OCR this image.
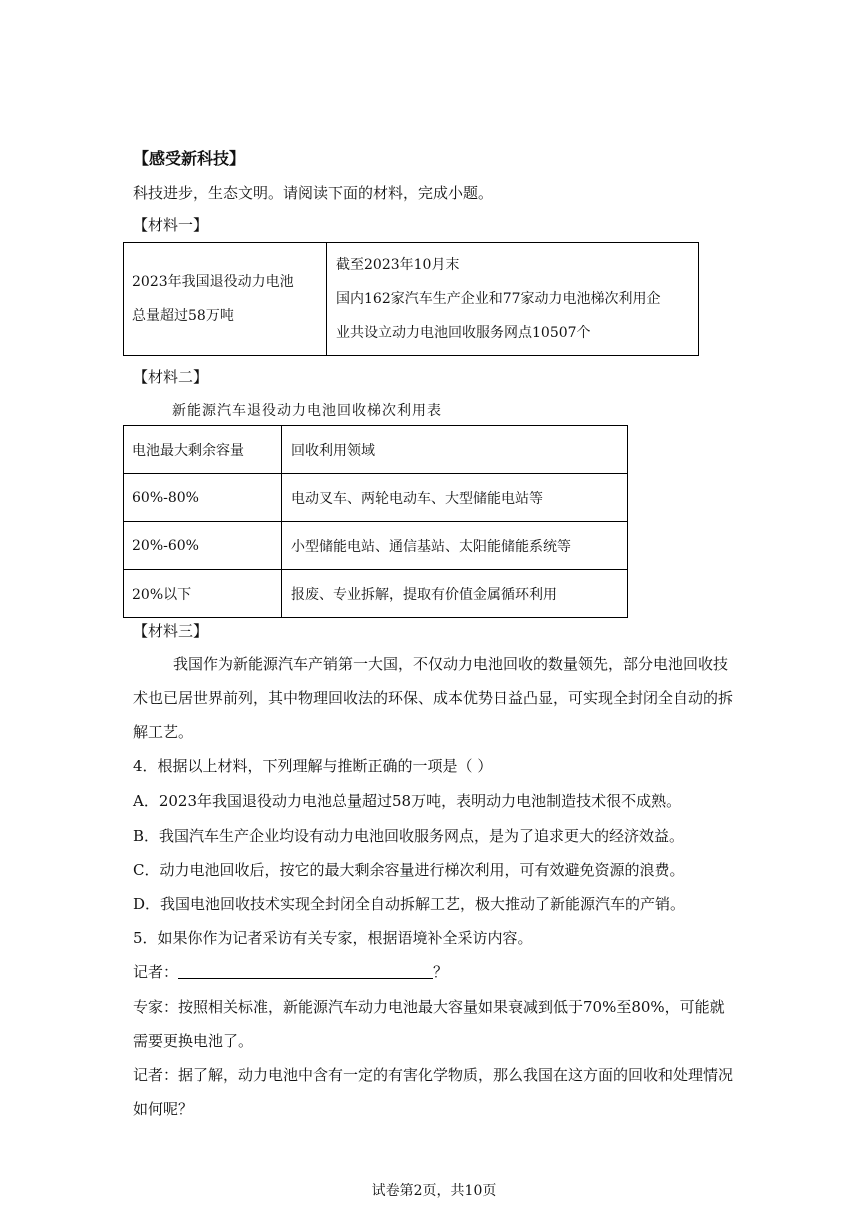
【感受新科技】
科技进步，生态文明。请阅读下面的材料，完成小题。
【材料一】
2023年我国退役动力电池
总量超过58万吨

截至2023年10月末
国内162家汽车生产企业和77家动力电池梯次利用企
业共设立动力电池回收服务网点10507个
【材料二】
新能源汽车退役动力电池回收梯次利用表
电池最大剩余容量	回收利用领域
60%-80%	电动叉车、两轮电动车、大型储能电站等
20%-60%	小型储能电站、通信基站、太阳能储能系统等
20%以下	报废、专业拆解，提取有价值金属循环利用
【材料三】
我国作为新能源汽车产销第一大国，不仅动力电池回收的数量领先，部分电池回收技术也已居世界前列，其中物理回收法的环保、成本优势日益凸显，可实现全封闭全自动的拆解工艺。
4．根据以上材料，下列理解与推断正确的一项是（ ）
A．2023年我国退役动力电池总量超过58万吨，表明动力电池制造技术很不成熟。
B．我国汽车生产企业均设有动力电池回收服务网点，是为了追求更大的经济效益。
C．动力电池回收后，按它的最大剩余容量进行梯次利用，可有效避免资源的浪费。
D．我国电池回收技术实现全封闭全自动拆解工艺，极大推动了新能源汽车的产销。
5．如果你作为记者采访有关专家，根据语境补全采访内容。
记者：	？
专家：按照相关标准，新能源汽车动力电池最大容量如果衰减到低于70%至80%，可能就
需要更换电池了。
记者：据了解，动力电池中含有一定的有害化学物质，那么我国在这方面的回收和处理情况
如何呢？
试卷第2页，共10页
